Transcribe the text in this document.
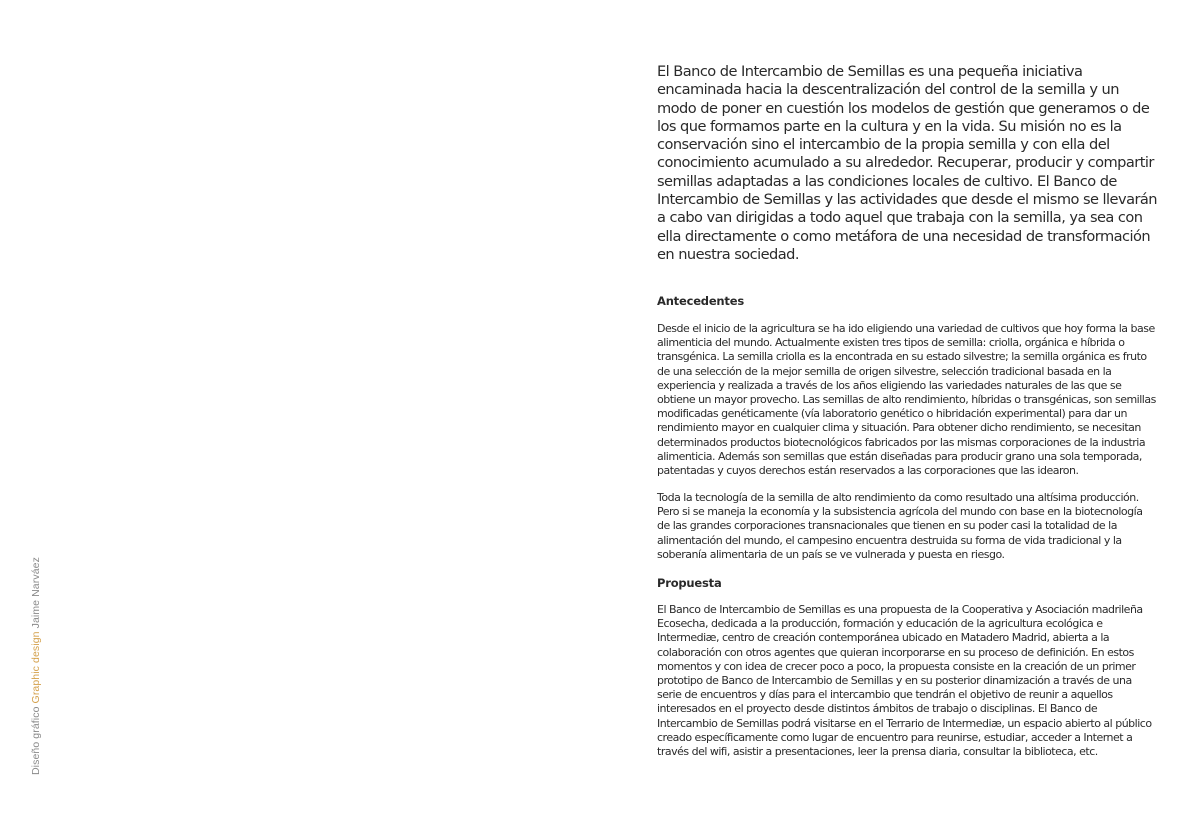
Diseño gráfico Graphic design Jaime Narváez

El Banco de Intercambio de Semillas es una pequeña iniciativa encaminada hacia la descentralización del control de la semilla y un modo de poner en cuestión los modelos de gestión que generamos o de los que formamos parte en la cultura y en la vida. Su misión no es la conservación sino el intercambio de la propia semilla y con ella del conocimiento acumulado a su alrededor. Recuperar, producir y compartir semillas adaptadas a las condiciones locales de cultivo. El Banco de Intercambio de Semillas y las actividades que desde el mismo se llevarán a cabo van dirigidas a todo aquel que trabaja con la semilla, ya sea con ella directamente o como metáfora de una necesidad de transformación en nuestra sociedad.

Antecedentes

Desde el inicio de la agricultura se ha ido eligiendo una variedad de cultivos que hoy forma la base alimenticia del mundo. Actualmente existen tres tipos de semilla: criolla, orgánica e híbrida o transgénica. La semilla criolla es la encontrada en su estado silvestre; la semilla orgánica es fruto de una selección de la mejor semilla de origen silvestre, selección tradicional basada en la experiencia y realizada a través de los años eligiendo las variedades naturales de las que se obtiene un mayor provecho. Las semillas de alto rendimiento, híbridas o transgénicas, son semillas modificadas genéticamente (vía laboratorio genético o hibridación experimental) para dar un rendimiento mayor en cualquier clima y situación. Para obtener dicho rendimiento, se necesitan determinados productos biotecnológicos fabricados por las mismas corporaciones de la industria alimenticia. Además son semillas que están diseñadas para producir grano una sola temporada, patentadas y cuyos derechos están reservados a las corporaciones que las idearon.

Toda la tecnología de la semilla de alto rendimiento da como resultado una altísima producción. Pero si se maneja la economía y la subsistencia agrícola del mundo con base en la biotecnología de las grandes corporaciones transnacionales que tienen en su poder casi la totalidad de la alimentación del mundo, el campesino encuentra destruida su forma de vida tradicional y la soberanía alimentaria de un país se ve vulnerada y puesta en riesgo.

Propuesta

El Banco de Intercambio de Semillas es una propuesta de la Cooperativa y Asociación madrileña Ecosecha, dedicada a la producción, formación y educación de la agricultura ecológica e Intermediæ, centro de creación contemporánea ubicado en Matadero Madrid, abierta a la colaboración con otros agentes que quieran incorporarse en su proceso de definición. En estos momentos y con idea de crecer poco a poco, la propuesta consiste en la creación de un primer prototipo de Banco de Intercambio de Semillas y en su posterior dinamización a través de una serie de encuentros y días para el intercambio que tendrán el objetivo de reunir a aquellos interesados en el proyecto desde distintos ámbitos de trabajo o disciplinas. El Banco de Intercambio de Semillas podrá visitarse en el Terrario de Intermediæ, un espacio abierto al público creado específicamente como lugar de encuentro para reunirse, estudiar, acceder a Internet a través del wifi, asistir a presentaciones, leer la prensa diaria, consultar la biblioteca, etc.
